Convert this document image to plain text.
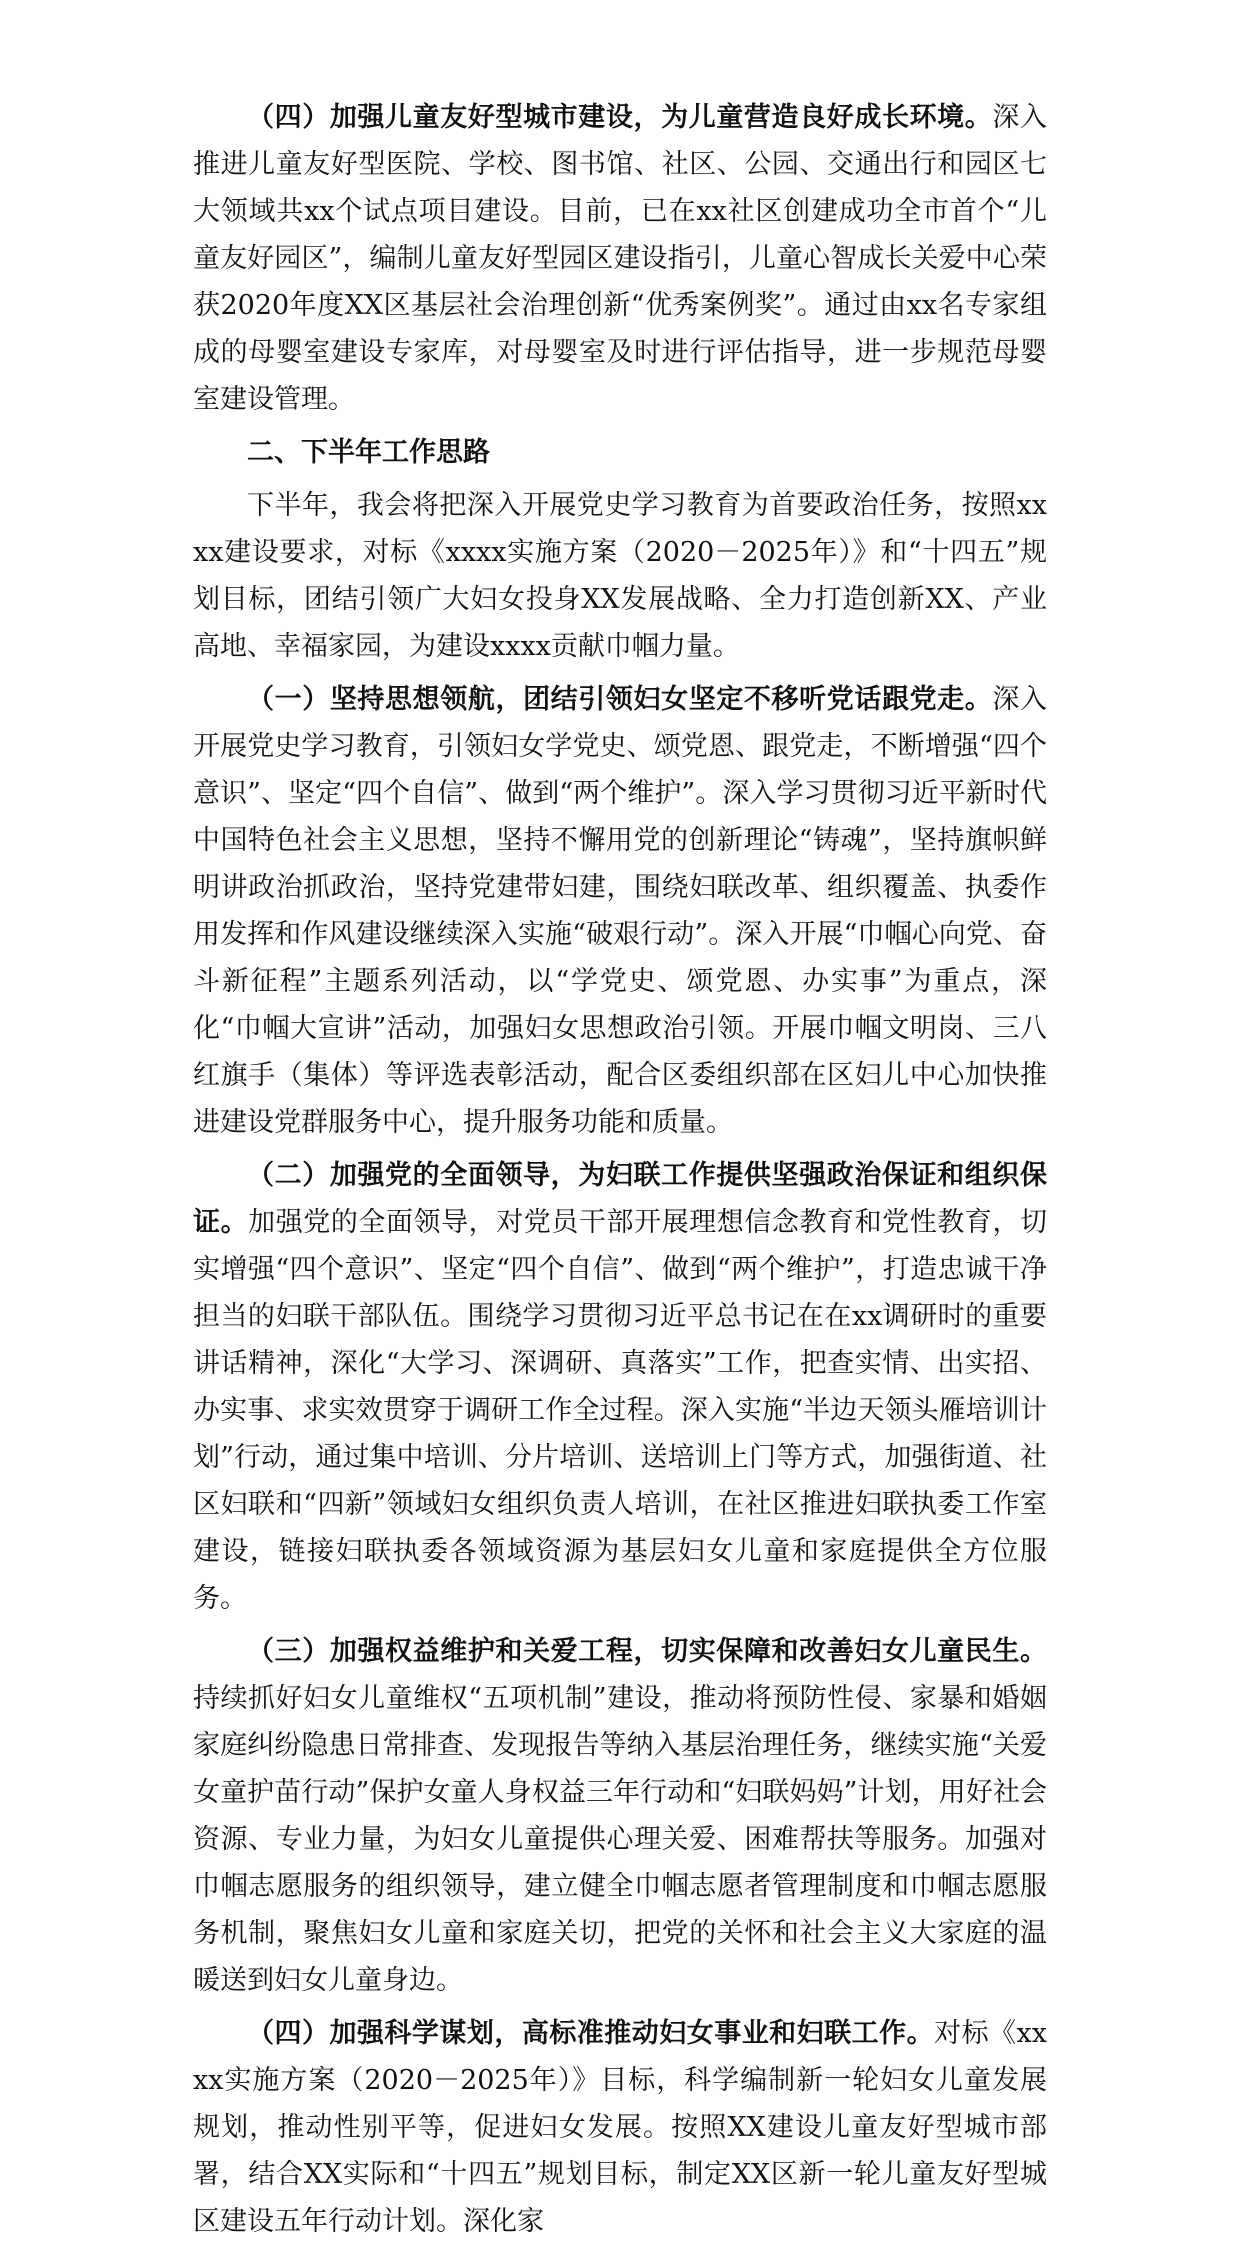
（四）加强儿童友好型城市建设，为儿童营造良好成长环境。深入推进儿童友好型医院、学校、图书馆、社区、公园、交通出行和园区七大领域共xx个试点项目建设。目前，已在xx社区创建成功全市首个“儿童友好园区”，编制儿童友好型园区建设指引，儿童心智成长关爱中心荣获2020年度XX区基层社会治理创新“优秀案例奖”。通过由xx名专家组成的母婴室建设专家库，对母婴室及时进行评估指导，进一步规范母婴室建设管理。

二、下半年工作思路

下半年，我会将把深入开展党史学习教育为首要政治任务，按照xxxx建设要求，对标《xxxx实施方案（2020－2025年）》和“十四五”规划目标，团结引领广大妇女投身XX发展战略、全力打造创新XX、产业高地、幸福家园，为建设xxxx贡献巾帼力量。

（一）坚持思想领航，团结引领妇女坚定不移听党话跟党走。深入开展党史学习教育，引领妇女学党史、颂党恩、跟党走，不断增强“四个意识”、坚定“四个自信”、做到“两个维护”。深入学习贯彻习近平新时代中国特色社会主义思想，坚持不懈用党的创新理论“铸魂”，坚持旗帜鲜明讲政治抓政治，坚持党建带妇建，围绕妇联改革、组织覆盖、执委作用发挥和作风建设继续深入实施“破艰行动”。深入开展“巾帼心向党、奋斗新征程”主题系列活动，以“学党史、颂党恩、办实事”为重点，深化“巾帼大宣讲”活动，加强妇女思想政治引领。开展巾帼文明岗、三八红旗手（集体）等评选表彰活动，配合区委组织部在区妇儿中心加快推进建设党群服务中心，提升服务功能和质量。

（二）加强党的全面领导，为妇联工作提供坚强政治保证和组织保证。加强党的全面领导，对党员干部开展理想信念教育和党性教育，切实增强“四个意识”、坚定“四个自信”、做到“两个维护”，打造忠诚干净担当的妇联干部队伍。围绕学习贯彻习近平总书记在在xx调研时的重要讲话精神，深化“大学习、深调研、真落实”工作，把查实情、出实招、办实事、求实效贯穿于调研工作全过程。深入实施“半边天领头雁培训计划”行动，通过集中培训、分片培训、送培训上门等方式，加强街道、社区妇联和“四新”领域妇女组织负责人培训，在社区推进妇联执委工作室建设，链接妇联执委各领域资源为基层妇女儿童和家庭提供全方位服务。

（三）加强权益维护和关爱工程，切实保障和改善妇女儿童民生。持续抓好妇女儿童维权“五项机制”建设，推动将预防性侵、家暴和婚姻家庭纠纷隐患日常排查、发现报告等纳入基层治理任务，继续实施“关爱女童护苗行动”保护女童人身权益三年行动和“妇联妈妈”计划，用好社会资源、专业力量，为妇女儿童提供心理关爱、困难帮扶等服务。加强对巾帼志愿服务的组织领导，建立健全巾帼志愿者管理制度和巾帼志愿服务机制，聚焦妇女儿童和家庭关切，把党的关怀和社会主义大家庭的温暖送到妇女儿童身边。

（四）加强科学谋划，高标准推动妇女事业和妇联工作。对标《xxxx实施方案（2020－2025年）》目标，科学编制新一轮妇女儿童发展规划，推动性别平等，促进妇女发展。按照XX建设儿童友好型城市部署，结合XX实际和“十四五”规划目标，制定XX区新一轮儿童友好型城区建设五年行动计划。深化家
